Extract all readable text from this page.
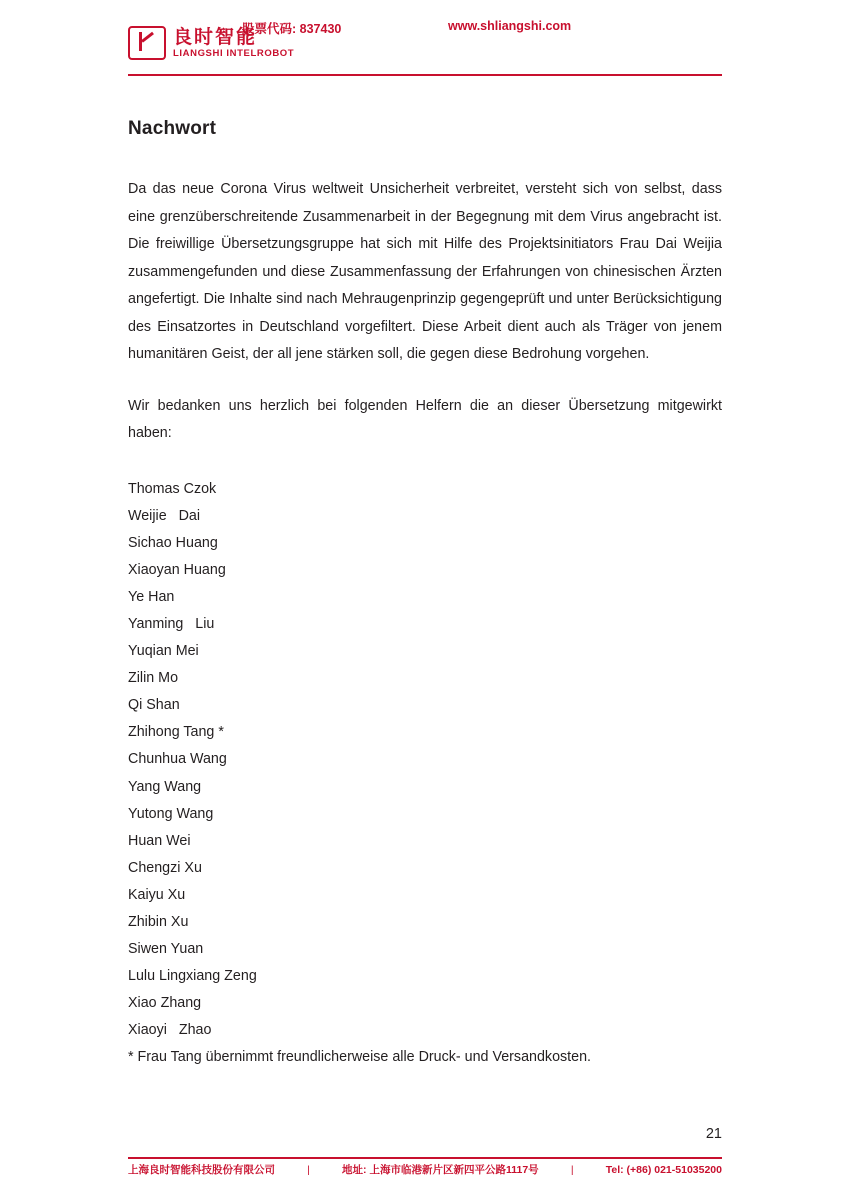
良时智能
LIANGSHI INTELROBOT
股票代码: 837430	www.shliangshi.com
Nachwort

Da das neue Corona Virus weltweit Unsicherheit verbreitet, versteht sich von selbst, dass eine grenzüberschreitende Zusammenarbeit in der Begegnung mit dem Virus angebracht ist. Die freiwillige Übersetzungsgruppe hat sich mit Hilfe des Projektsinitiators Frau Dai Weijia zusammengefunden und diese Zusammenfassung der Erfahrungen von chinesischen Ärzten angefertigt. Die Inhalte sind nach Mehraugenprinzip gegengeprüft und unter Berücksichtigung des Einsatzortes in Deutschland vorgefiltert. Diese Arbeit dient auch als Träger von jenem humanitären Geist, der all jene stärken soll, die gegen diese Bedrohung vorgehen.

Wir bedanken uns herzlich bei folgenden Helfern die an dieser Übersetzung mitgewirkt haben:

Thomas Czok
Weijie   Dai
Sichao Huang
Xiaoyan Huang
Ye Han
Yanming   Liu
Yuqian Mei
Zilin Mo
Qi Shan
Zhihong Tang *
Chunhua Wang
Yang Wang
Yutong Wang
Huan Wei
Chengzi Xu
Kaiyu Xu
Zhibin Xu
Siwen Yuan
Lulu Lingxiang Zeng
Xiao Zhang
Xiaoyi   Zhao
* Frau Tang übernimmt freundlicherweise alle Druck- und Versandkosten.
21
上海良时智能科技股份有限公司	|	地址: 上海市临港新片区新四平公路1117号	|	Tel: (+86) 021-51035200
